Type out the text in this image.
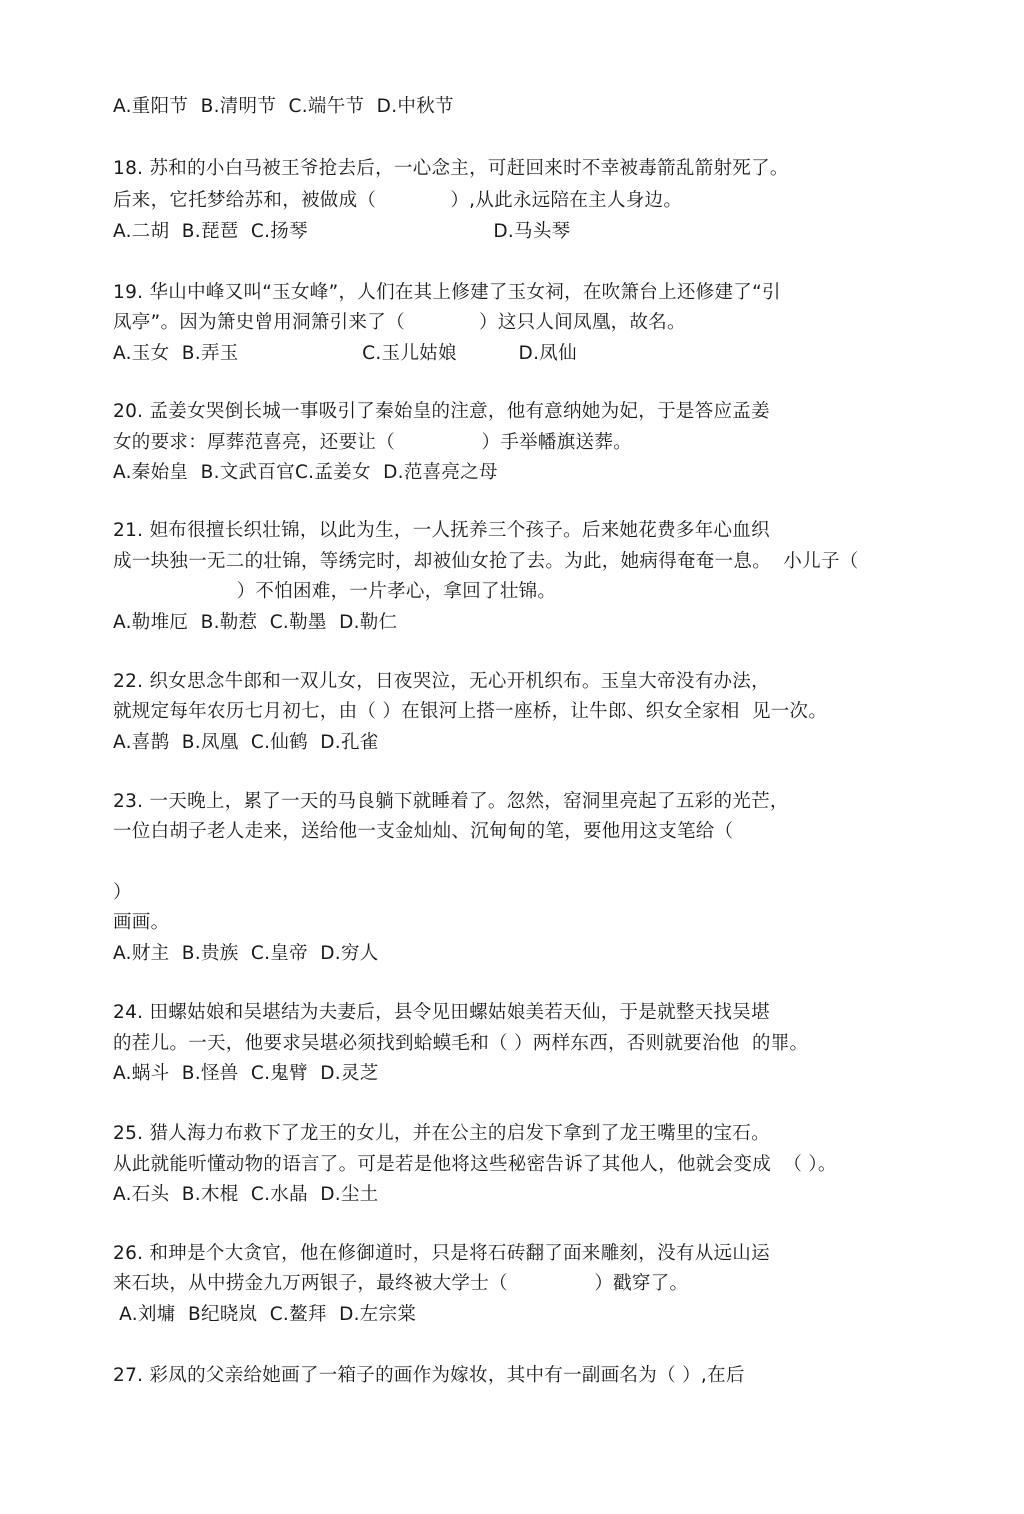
A.重阳节  B.清明节  C.端午节  D.中秋节
18. 苏和的小白马被王爷抢去后，一心念主，可赶回来时不幸被毒箭乱箭射死了。
后来，它托梦给苏和，被做成（            ）,从此永远陪在主人身边。
A.二胡  B.琵琶  C.扬琴                              D.马头琴
19. 华山中峰又叫“玉女峰”，人们在其上修建了玉女祠，在吹箫台上还修建了“引
凤亭”。因为箫史曾用洞箫引来了（            ）这只人间凤凰，故名。
A.玉女  B.弄玉                    C.玉儿姑娘          D.凤仙
20. 孟姜女哭倒长城一事吸引了秦始皇的注意，他有意纳她为妃，于是答应孟姜
女的要求：厚葬范喜亮，还要让（              ）手举幡旗送葬。
A.秦始皇  B.文武百官C.孟姜女  D.范喜亮之母
21. 妲布很擅长织壮锦，以此为生，一人抚养三个孩子。后来她花费多年心血织
成一块独一无二的壮锦，等绣完时，却被仙女抢了去。为此，她病得奄奄一息。  小儿子（
）不怕困难，一片孝心，拿回了壮锦。
A.勒堆厄  B.勒惹  C.勒墨  D.勒仁
22. 织女思念牛郎和一双儿女，日夜哭泣，无心开机织布。玉皇大帝没有办法，
就规定每年农历七月初七，由（ ）在银河上搭一座桥，让牛郎、织女全家相  见一次。
A.喜鹊  B.凤凰  C.仙鹤  D.孔雀
23. 一天晚上，累了一天的马良躺下就睡着了。忽然，窑洞里亮起了五彩的光芒，
一位白胡子老人走来，送给他一支金灿灿、沉甸甸的笔，要他用这支笔给（
）
画画。
A.财主  B.贵族  C.皇帝  D.穷人
24. 田螺姑娘和吴堪结为夫妻后，县令见田螺姑娘美若天仙，于是就整天找吴堪
的茬儿。一天，他要求吴堪必须找到蛤蟆毛和（ ）两样东西，否则就要治他  的罪。
A.蜗斗  B.怪兽  C.鬼臂  D.灵芝
25. 猎人海力布救下了龙王的女儿，并在公主的启发下拿到了龙王嘴里的宝石。
从此就能听懂动物的语言了。可是若是他将这些秘密告诉了其他人，他就会变成  （ ）。
A.石头  B.木棍  C.水晶  D.尘土
26. 和珅是个大贪官，他在修御道时，只是将石砖翻了面来雕刻，没有从远山运
来石块，从中捞金九万两银子，最终被大学士（              ）戳穿了。
A.刘墉  B纪晓岚  C.鳌拜  D.左宗棠
27. 彩凤的父亲给她画了一箱子的画作为嫁妆，其中有一副画名为（ ）,在后
